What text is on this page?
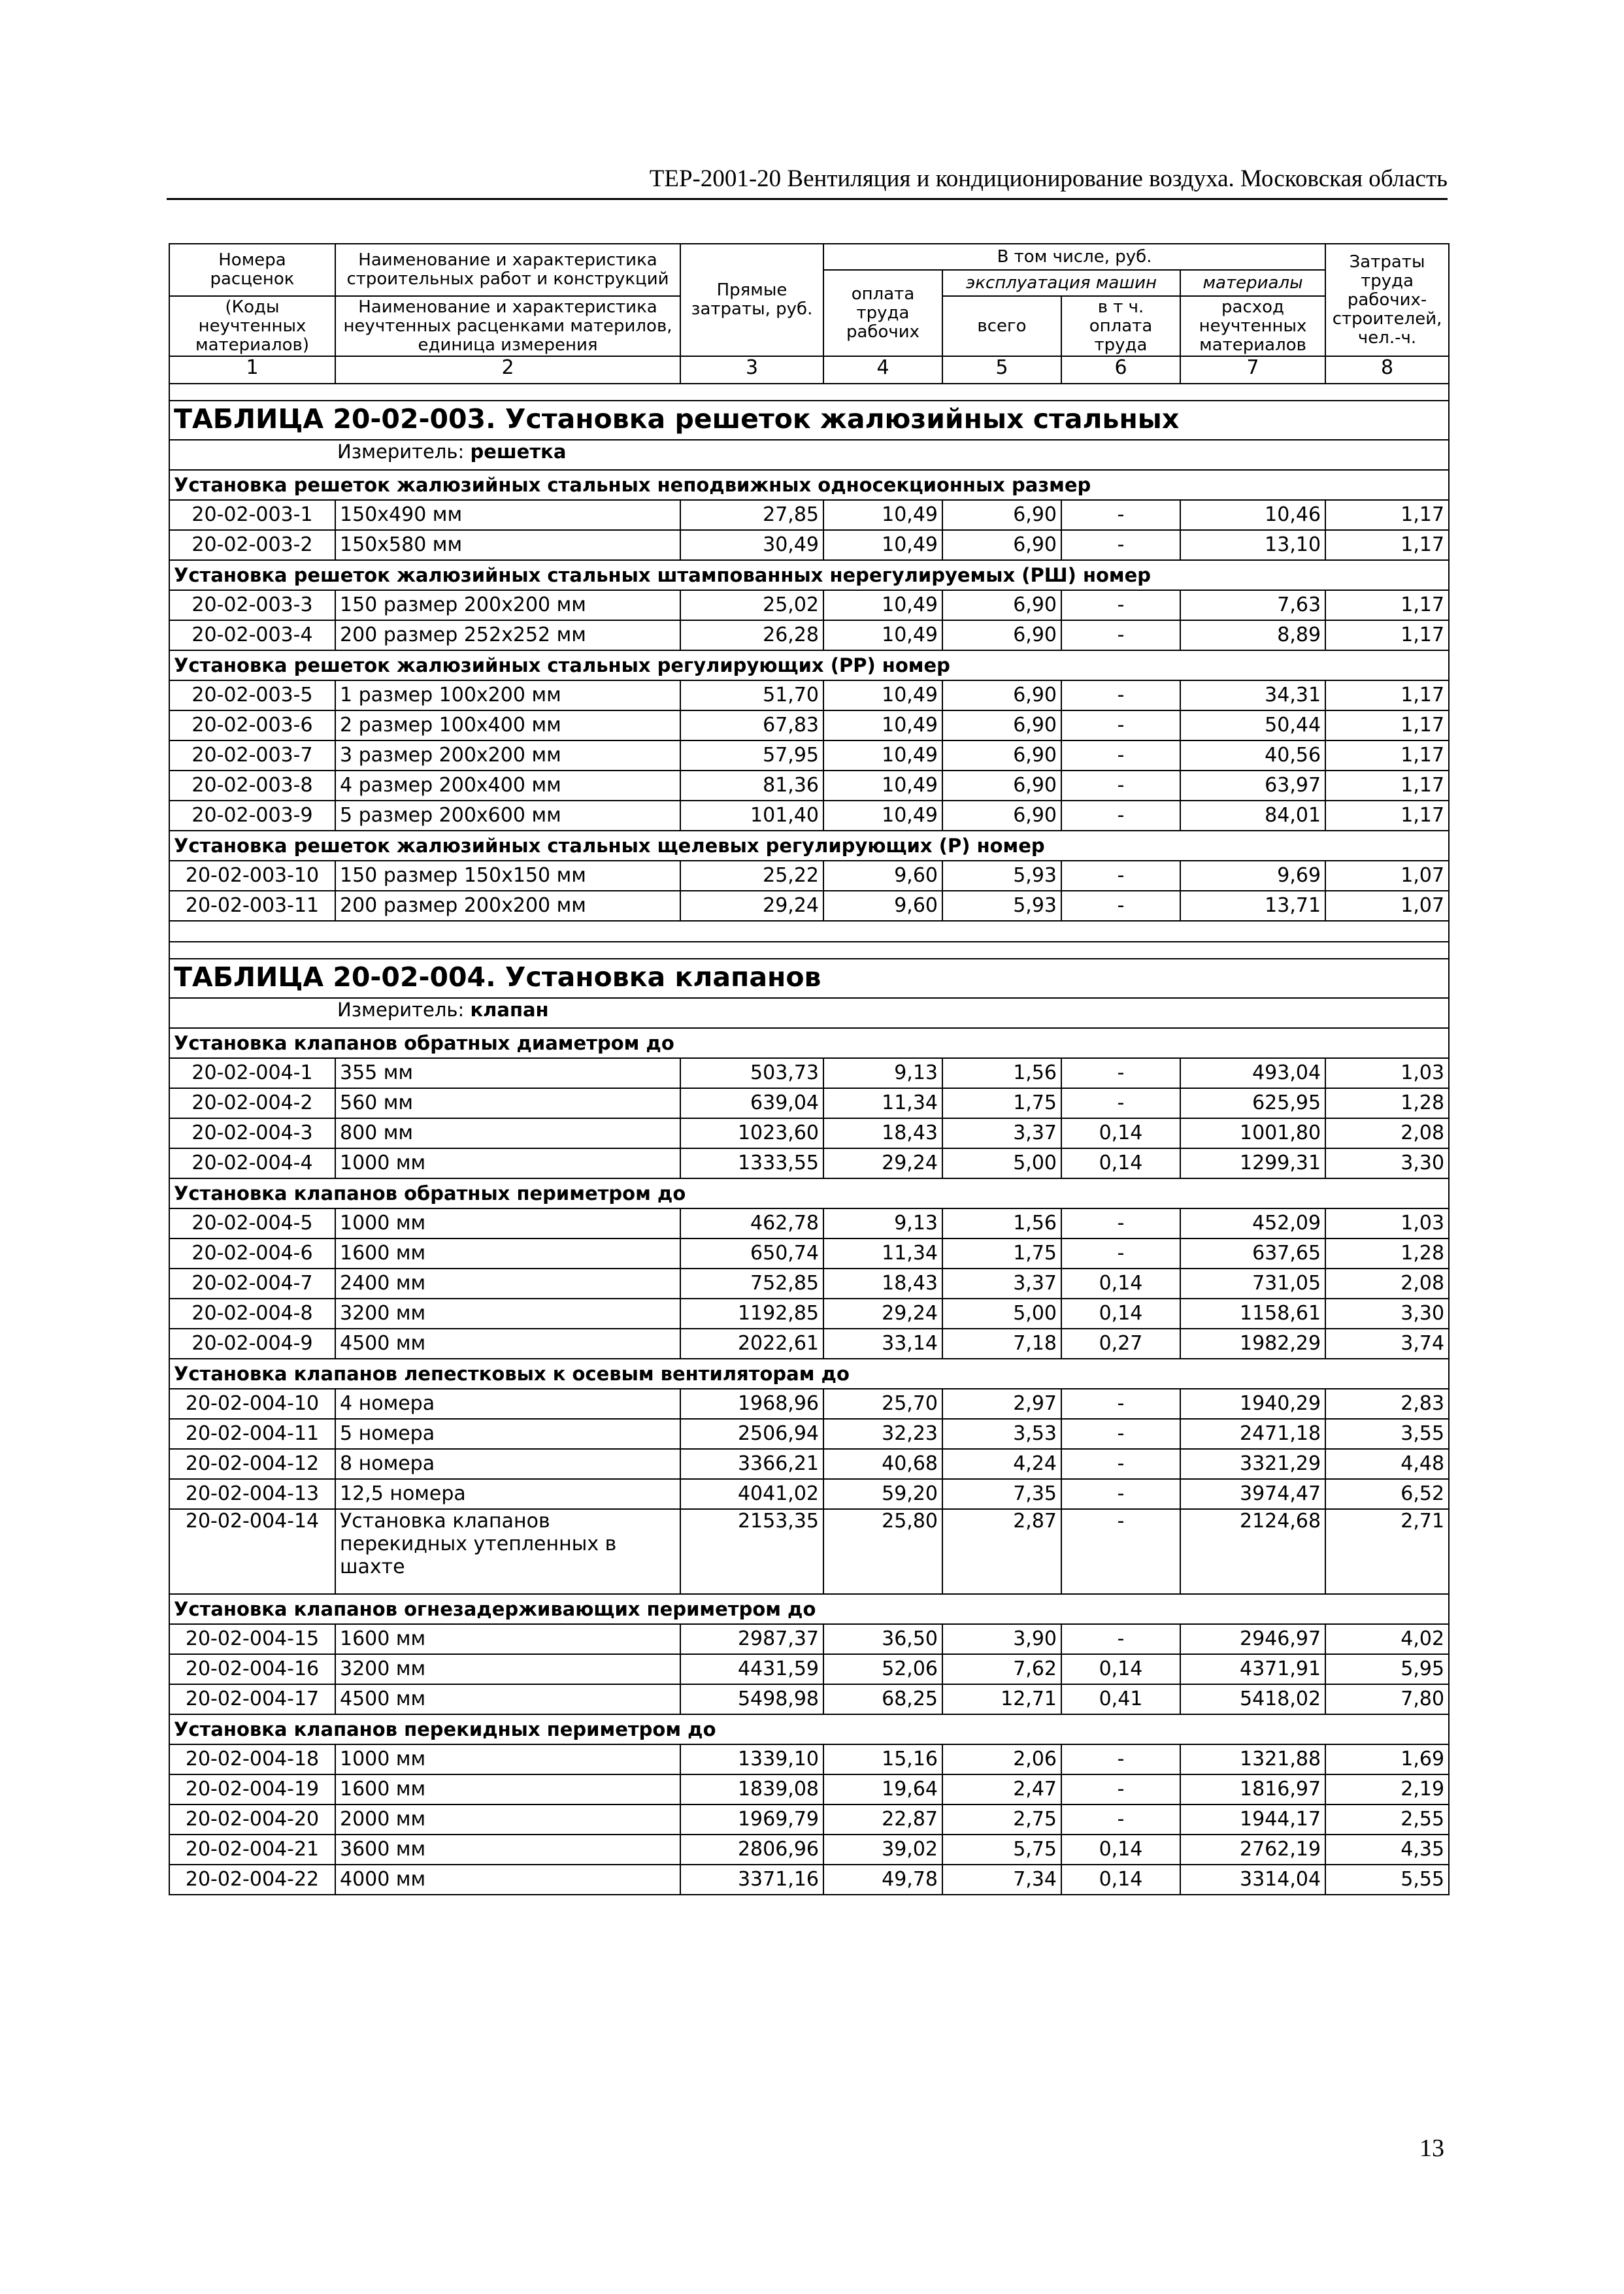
ТЕР-2001-20 Вентиляция и кондиционирование воздуха. Московская область
Номера расценок	Наименование и характеристика строительных работ и конструкций	Прямые затраты, руб.	В том числе, руб.				Затраты труда рабочих-строителей, чел.-ч.
			оплата труда рабочих	эксплуатация машин		материалы	
(Коды неучтенных материалов)	Наименование и характеристика неучтенных расценками материлов, единица измерения			всего	в т ч. оплата труда	расход неучтенных материалов	

1	2	3	4	5	6	7	8

ТАБЛИЦА 20-02-003. Установка решеток жалюзийных стальных							

Измеритель: решетка							
Установка решеток жалюзийных стальных неподвижных односекционных размер							
20-02-003-1	150х490 мм	27,85	10,49	6,90	-	10,46	1,17
20-02-003-2	150х580 мм	30,49	10,49	6,90	-	13,10	1,17
Установка решеток жалюзийных стальных штампованных нерегулируемых (РШ) номер							
20-02-003-3	150 размер 200х200 мм	25,02	10,49	6,90	-	7,63	1,17
20-02-003-4	200 размер 252х252 мм	26,28	10,49	6,90	-	8,89	1,17
Установка решеток жалюзийных стальных регулирующих (РР) номер							
20-02-003-5	1 размер 100х200 мм	51,70	10,49	6,90	-	34,31	1,17
20-02-003-6	2 размер 100х400 мм	67,83	10,49	6,90	-	50,44	1,17
20-02-003-7	3 размер 200х200 мм	57,95	10,49	6,90	-	40,56	1,17
20-02-003-8	4 размер 200х400 мм	81,36	10,49	6,90	-	63,97	1,17
20-02-003-9	5 размер 200х600 мм	101,40	10,49	6,90	-	84,01	1,17
Установка решеток жалюзийных стальных щелевых регулирующих (Р) номер							
20-02-003-10	150 размер 150х150 мм	25,22	9,60	5,93	-	9,69	1,07
20-02-003-11	200 размер 200х200 мм	29,24	9,60	5,93	-	13,71	1,07

ТАБЛИЦА 20-02-004. Установка клапанов							

Измеритель: клапан							
Установка клапанов обратных диаметром до							
20-02-004-1	355 мм	503,73	9,13	1,56	-	493,04	1,03
20-02-004-2	560 мм	639,04	11,34	1,75	-	625,95	1,28
20-02-004-3	800 мм	1023,60	18,43	3,37	0,14	1001,80	2,08
20-02-004-4	1000 мм	1333,55	29,24	5,00	0,14	1299,31	3,30
Установка клапанов обратных периметром до							
20-02-004-5	1000 мм	462,78	9,13	1,56	-	452,09	1,03
20-02-004-6	1600 мм	650,74	11,34	1,75	-	637,65	1,28
20-02-004-7	2400 мм	752,85	18,43	3,37	0,14	731,05	2,08
20-02-004-8	3200 мм	1192,85	29,24	5,00	0,14	1158,61	3,30
20-02-004-9	4500 мм	2022,61	33,14	7,18	0,27	1982,29	3,74
Установка клапанов лепестковых к осевым вентиляторам до							
20-02-004-10	4 номера	1968,96	25,70	2,97	-	1940,29	2,83
20-02-004-11	5 номера	2506,94	32,23	3,53	-	2471,18	3,55
20-02-004-12	8 номера	3366,21	40,68	4,24	-	3321,29	4,48
20-02-004-13	12,5 номера	4041,02	59,20	7,35	-	3974,47	6,52
20-02-004-14	Установка клапанов перекидных утепленных в шахте	2153,35	25,80	2,87	-	2124,68	2,71
Установка клапанов огнезадерживающих периметром до							
20-02-004-15	1600 мм	2987,37	36,50	3,90	-	2946,97	4,02
20-02-004-16	3200 мм	4431,59	52,06	7,62	0,14	4371,91	5,95
20-02-004-17	4500 мм	5498,98	68,25	12,71	0,41	5418,02	7,80
Установка клапанов перекидных периметром до							
20-02-004-18	1000 мм	1339,10	15,16	2,06	-	1321,88	1,69
20-02-004-19	1600 мм	1839,08	19,64	2,47	-	1816,97	2,19
20-02-004-20	2000 мм	1969,79	22,87	2,75	-	1944,17	2,55
20-02-004-21	3600 мм	2806,96	39,02	5,75	0,14	2762,19	4,35
20-02-004-22	4000 мм	3371,16	49,78	7,34	0,14	3314,04	5,55
13
